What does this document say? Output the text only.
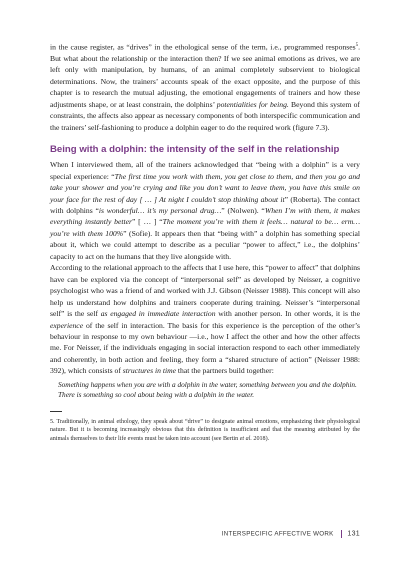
in the cause register, as “drives” in the ethological sense of the term, i.e., programmed responses$^5$. But what about the relationship or the interaction then? If we see animal emotions as drives, we are left only with manipulation, by humans, of an animal completely subservient to biological determinations. Now, the trainers’ accounts speak of the exact opposite, and the purpose of this chapter is to research the mutual adjusting, the emotional engagements of trainers and how these adjustments shape, or at least constrain, the dolphins’ potentialities for being. Beyond this system of constraints, the affects also appear as necessary components of both interspecific communication and the trainers’ self-fashioning to produce a dolphin eager to do the required work (figure 7.3).

Being with a dolphin: the intensity of the self in the relationship

When I interviewed them, all of the trainers acknowledged that “being with a dolphin” is a very special experience: “The first time you work with them, you get close to them, and then you go and take your shower and you’re crying and like you don’t want to leave them, you have this smile on your face for the rest of day [ … ] At night I couldn’t stop thinking about it” (Roberta). The contact with dolphins “is wonderful… it’s my personal drug…” (Nolwen). “When I’m with them, it makes everything instantly better” [ … ] “The moment you’re with them it feels… natural to be… erm… you’re with them 100%” (Sofie). It appears then that “being with” a dolphin has something special about it, which we could attempt to describe as a peculiar “power to affect,” i.e., the dolphins’ capacity to act on the humans that they live alongside with.

According to the relational approach to the affects that I use here, this “power to affect” that dolphins have can be explored via the concept of “interpersonal self” as developed by Neisser, a cognitive psychologist who was a friend of and worked with J.J. Gibson (Neisser 1988). This concept will also help us understand how dolphins and trainers cooperate during training. Neisser’s “interpersonal self” is the self as engaged in immediate interaction with another person. In other words, it is the experience of the self in interaction. The basis for this experience is the perception of the other’s behaviour in response to my own behaviour —i.e., how I affect the other and how the other affects me. For Neisser, if the individuals engaging in social interaction respond to each other immediately and coherently, in both action and feeling, they form a “shared structure of action” (Neisser 1988: 392), which consists of structures in time that the partners build together:

Something happens when you are with a dolphin in the water, something between you and the dolphin. There is something so cool about being with a dolphin in the water.

5. Traditionally, in animal ethology, they speak about “drive” to designate animal emotions, emphasizing their physiological nature. But it is becoming increasingly obvious that this definition is insufficient and that the meaning attributed by the animals themselves to their life events must be taken into account (see Bertin et al. 2018).

INTERSPECIFIC AFFECTIVE WORK 131
